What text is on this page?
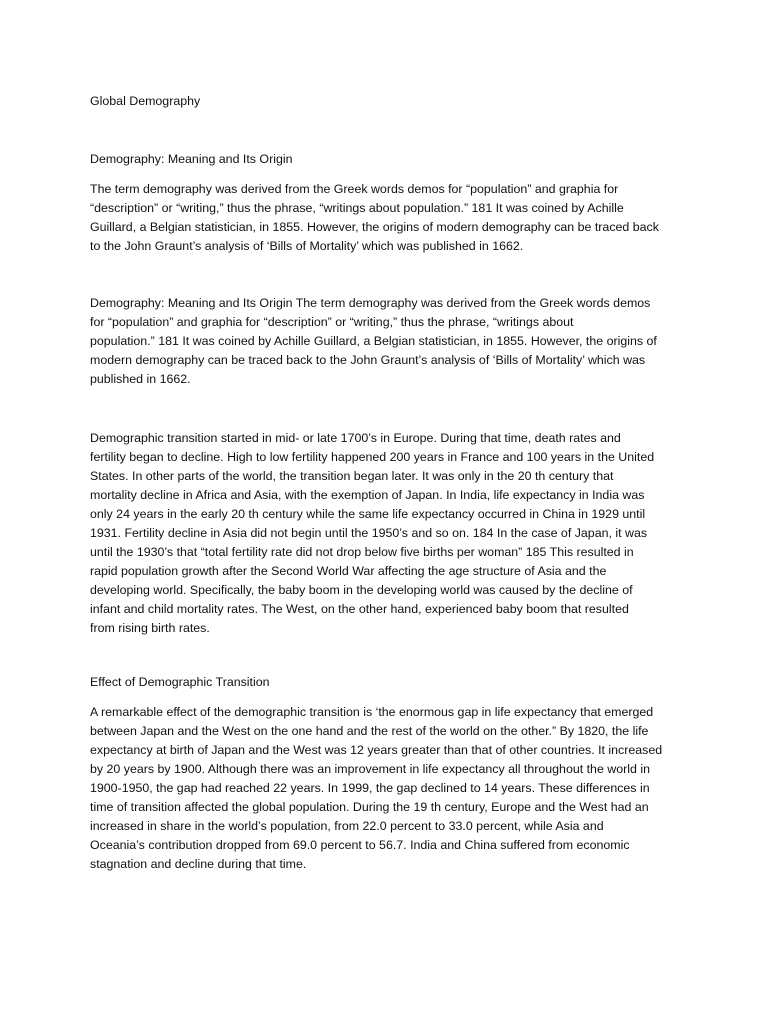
Global Demography
Demography: Meaning and Its Origin
The term demography was derived from the Greek words demos for “population” and graphia for
“description” or “writing,” thus the phrase, “writings about population.” 181 It was coined by Achille
Guillard, a Belgian statistician, in 1855. However, the origins of modern demography can be traced back
to the John Graunt’s analysis of ‘Bills of Mortality’ which was published in 1662.
Demography: Meaning and Its Origin The term demography was derived from the Greek words demos
for “population” and graphia for “description” or “writing,” thus the phrase, “writings about
population.” 181 It was coined by Achille Guillard, a Belgian statistician, in 1855. However, the origins of
modern demography can be traced back to the John Graunt’s analysis of ‘Bills of Mortality’ which was
published in 1662.
Demographic transition started in mid- or late 1700’s in Europe. During that time, death rates and
fertility began to decline. High to low fertility happened 200 years in France and 100 years in the United
States. In other parts of the world, the transition began later. It was only in the 20 th century that
mortality decline in Africa and Asia, with the exemption of Japan. In India, life expectancy in India was
only 24 years in the early 20 th century while the same life expectancy occurred in China in 1929 until
1931. Fertility decline in Asia did not begin until the 1950’s and so on. 184 In the case of Japan, it was
until the 1930’s that “total fertility rate did not drop below five births per woman” 185 This resulted in
rapid population growth after the Second World War affecting the age structure of Asia and the
developing world. Specifically, the baby boom in the developing world was caused by the decline of
infant and child mortality rates. The West, on the other hand, experienced baby boom that resulted
from rising birth rates.
Effect of Demographic Transition
A remarkable effect of the demographic transition is ‘the enormous gap in life expectancy that emerged
between Japan and the West on the one hand and the rest of the world on the other.” By 1820, the life
expectancy at birth of Japan and the West was 12 years greater than that of other countries. It increased
by 20 years by 1900. Although there was an improvement in life expectancy all throughout the world in
1900-1950, the gap had reached 22 years. In 1999, the gap declined to 14 years. These differences in
time of transition affected the global population. During the 19 th century, Europe and the West had an
increased in share in the world’s population, from 22.0 percent to 33.0 percent, while Asia and
Oceania’s contribution dropped from 69.0 percent to 56.7. India and China suffered from economic
stagnation and decline during that time.
